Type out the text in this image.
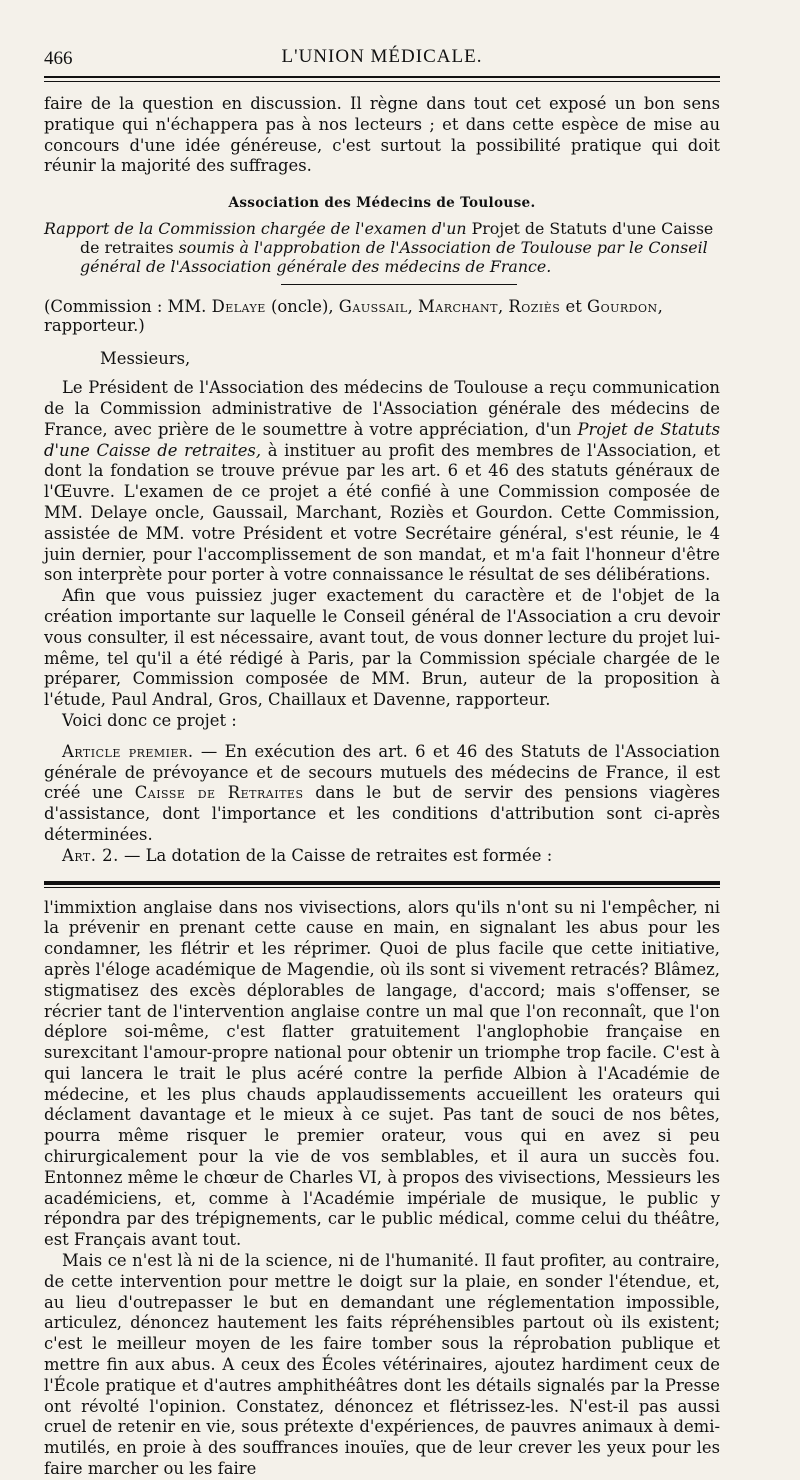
466	L'UNION MÉDICALE.

faire de la question en discussion. Il règne dans tout cet exposé un bon sens pratique qui n'échappera pas à nos lecteurs ; et dans cette espèce de mise au concours d'une idée généreuse, c'est surtout la possibilité pratique qui doit réunir la majorité des suffrages.

Association des Médecins de Toulouse.

Rapport de la Commission chargée de l'examen d'un Projet de Statuts d'une Caisse de retraites soumis à l'approbation de l'Association de Toulouse par le Conseil général de l'Association générale des médecins de France.

(Commission : MM. Delaye (oncle), Gaussail, Marchant, Roziès et Gourdon, rapporteur.)

Messieurs,

Le Président de l'Association des médecins de Toulouse a reçu communication de la Commission administrative de l'Association générale des médecins de France, avec prière de le soumettre à votre appréciation, d'un Projet de Statuts d'une Caisse de retraites, à instituer au profit des membres de l'Association, et dont la fondation se trouve prévue par les art. 6 et 46 des statuts généraux de l'Œuvre. L'examen de ce projet a été confié à une Commission composée de MM. Delaye oncle, Gaussail, Marchant, Roziès et Gourdon. Cette Commission, assistée de MM. votre Président et votre Secrétaire général, s'est réunie, le 4 juin dernier, pour l'accomplissement de son mandat, et m'a fait l'honneur d'être son interprète pour porter à votre connaissance le résultat de ses délibérations.

Afin que vous puissiez juger exactement du caractère et de l'objet de la création importante sur laquelle le Conseil général de l'Association a cru devoir vous consulter, il est nécessaire, avant tout, de vous donner lecture du projet lui-même, tel qu'il a été rédigé à Paris, par la Commission spéciale chargée de le préparer, Commission composée de MM. Brun, auteur de la proposition à l'étude, Paul Andral, Gros, Chaillaux et Davenne, rapporteur.

Voici donc ce projet :

Article premier. — En exécution des art. 6 et 46 des Statuts de l'Association générale de prévoyance et de secours mutuels des médecins de France, il est créé une Caisse de Retraites dans le but de servir des pensions viagères d'assistance, dont l'importance et les conditions d'attribution sont ci-après déterminées.

Art. 2. — La dotation de la Caisse de retraites est formée :

l'immixtion anglaise dans nos vivisections, alors qu'ils n'ont su ni l'empêcher, ni la prévenir en prenant cette cause en main, en signalant les abus pour les condamner, les flétrir et les réprimer. Quoi de plus facile que cette initiative, après l'éloge académique de Magendie, où ils sont si vivement retracés? Blâmez, stigmatisez des excès déplorables de langage, d'accord; mais s'offenser, se récrier tant de l'intervention anglaise contre un mal que l'on reconnaît, que l'on déplore soi-même, c'est flatter gratuitement l'anglophobie française en surexcitant l'amour-propre national pour obtenir un triomphe trop facile. C'est à qui lancera le trait le plus acéré contre la perfide Albion à l'Académie de médecine, et les plus chauds applaudissements accueillent les orateurs qui déclament davantage et le mieux à ce sujet. Pas tant de souci de nos bêtes, pourra même risquer le premier orateur, vous qui en avez si peu chirurgicalement pour la vie de vos semblables, et il aura un succès fou. Entonnez même le chœur de Charles VI, à propos des vivisections, Messieurs les académiciens, et, comme à l'Académie impériale de musique, le public y répondra par des trépignements, car le public médical, comme celui du théâtre, est Français avant tout.

Mais ce n'est là ni de la science, ni de l'humanité. Il faut profiter, au contraire, de cette intervention pour mettre le doigt sur la plaie, en sonder l'étendue, et, au lieu d'outrepasser le but en demandant une réglementation impossible, articulez, dénoncez hautement les faits répréhensibles partout où ils existent; c'est le meilleur moyen de les faire tomber sous la réprobation publique et mettre fin aux abus. A ceux des Écoles vétérinaires, ajoutez hardiment ceux de l'École pratique et d'autres amphithéâtres dont les détails signalés par la Presse ont révolté l'opinion. Constatez, dénoncez et flétrissez-les. N'est-il pas aussi cruel de retenir en vie, sous prétexte d'expériences, de pauvres animaux à demi-mutilés, en proie à des souffrances inouïes, que de leur crever les yeux pour les faire marcher ou les faire
